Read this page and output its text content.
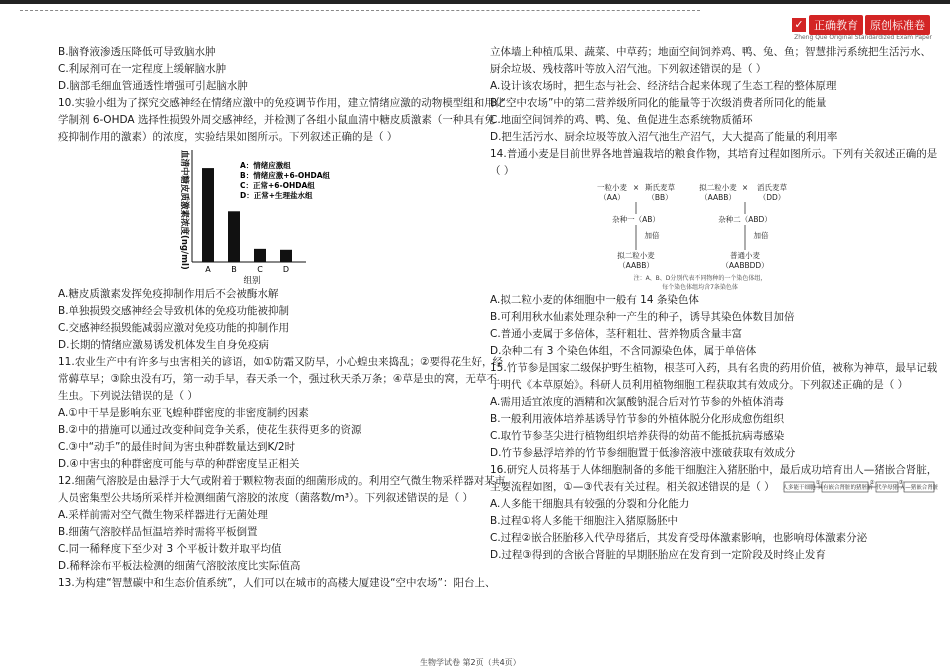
✓ 正确教育	原创标准卷
Zheng Que Original Standardized Exam Paper
B.脑脊液渗透压降低可导致脑水肿
C.利尿剂可在一定程度上缓解脑水肿
D.脑部毛细血管通透性增强可引起脑水肿
10.实验小组为了探究交感神经在情绪应激中的免疫调节作用，建立情绪应激的动物模型组和用化
学制剂 6-OHDA 选择性损毁外周交感神经，并检测了各组小鼠血清中糖皮质激素（一种具有免
疫抑制作用的激素）的浓度，实验结果如图所示。下列叙述正确的是（ ）
血清中糖皮质激素浓度(ng/ml) A	B	C	D
组别
A：情绪应激组
B：情绪应激+6-OHDA组
C：正常+6-OHDA组
D：正常+生理盐水组
A.糖皮质激素发挥免疫抑制作用后不会被酶水解
B.单独损毁交感神经会导致机体的免疫功能被抑制
C.交感神经损毁能减弱应激对免疫功能的抑制作用
D.长期的情绪应激易诱发机体发生自身免疫病
11.农业生产中有许多与虫害相关的谚语，如①防霜又防旱，小心蝗虫来捣乱；②要得花生好，经
常薅草早；③除虫没有巧，第一动手早，春天杀一个，强过秋天杀万条；④草是虫的窝，无草不
生虫。下列说法错误的是（ ）
A.①中干旱是影响东亚飞蝗种群密度的非密度制约因素
B.②中的措施可以通过改变种间竞争关系，使花生获得更多的资源
C.③中“动手”的最佳时间为害虫种群数量达到K/2时
D.④中害虫的种群密度可能与草的种群密度呈正相关
12.细菌气溶胶是由悬浮于大气或附着于颗粒物表面的细菌形成的。利用空气微生物采样器对某市
人员密集型公共场所采样并检测细菌气溶胶的浓度（菌落数/m³）。下列叙述错误的是（ ）
A.采样前需对空气微生物采样器进行无菌处理
B.细菌气溶胶样品恒温培养时需将平板倒置
C.同一稀释度下至少对 3 个平板计数并取平均值
D.稀释涂布平板法检测的细菌气溶胶浓度比实际值高
13.为构建“智慧碳中和生态价值系统”，人们可以在城市的高楼大厦建设“空中农场”：阳台上、
立体墙上种植瓜果、蔬菜、中草药；地面空间饲养鸡、鸭、兔、鱼；智慧排污系统把生活污水、
厨余垃圾、残枝落叶等放入沼气池。下列叙述错误的是（ ）
A.设计该农场时，把生态与社会、经济结合起来体现了生态工程的整体原理
B.“空中农场”中的第二营养级所同化的能量等于次级消费者所同化的能量
C.地面空间饲养的鸡、鸭、兔、鱼促进生态系统物质循环
D.把生活污水、厨余垃圾等放入沼气池生产沼气，大大提高了能量的利用率
14.普通小麦是目前世界各地普遍栽培的粮食作物，其培育过程如图所示。下列有关叙述正确的是
（ ）
一粒小麦
（AA）
× 斯氏麦草
（BB）
杂种一（AB）
加倍
拟二粒小麦
（AABB）
拟二粒小麦
（AABB）
× 滔氏麦草
（DD）
杂种二（ABD）
加倍
普通小麦
（AABBDD）
注：A、B、D分别代表不同物种的一个染色体组，
每个染色体组均含7条染色体
A.拟二粒小麦的体细胞中一般有 14 条染色体
B.可利用秋水仙素处理杂种一产生的种子，诱导其染色体数目加倍
C.普通小麦属于多倍体，茎秆粗壮、营养物质含量丰富
D.杂种二有 3 个染色体组，不含同源染色体，属于单倍体
15.竹节参是国家二级保护野生植物，根茎可入药，具有名贵的药用价值，被称为神草，最早记载
于明代《本草原始》。科研人员利用植物细胞工程获取其有效成分。下列叙述正确的是（ ）
A.需用适宜浓度的酒精和次氯酸钠混合后对竹节参的外植体消毒
B.一般利用液体培养基诱导竹节参的外植体脱分化形成愈伤组织
C.取竹节参茎尖进行植物组织培养获得的幼苗不能抵抗病毒感染
D.竹节参悬浮培养的竹节参细胞置于低渗溶液中涨破获取有效成分
16.研究人员将基于人体细胞制备的多能干细胞注入猪胚胎中，最后成功培育出人—猪嵌合肾脏，
主要流程如图，①—③代表有关过程。相关叙述错误的是（ ） 人多能干细胞
①
具有嵌合肾脏的猪胚胎
②
代孕母猪
③
人—猪嵌合肾脏
A.人多能干细胞具有较强的分裂和分化能力
B.过程①将人多能干细胞注入猪原肠胚中
C.过程②嵌合胚胎移入代孕母猪后，其发育受母体激素影响，也影响母体激素分泌
D.过程③得到的含嵌合肾脏的早期胚胎应在发育到一定阶段及时终止发育
生物学试卷 第2页（共4页）
